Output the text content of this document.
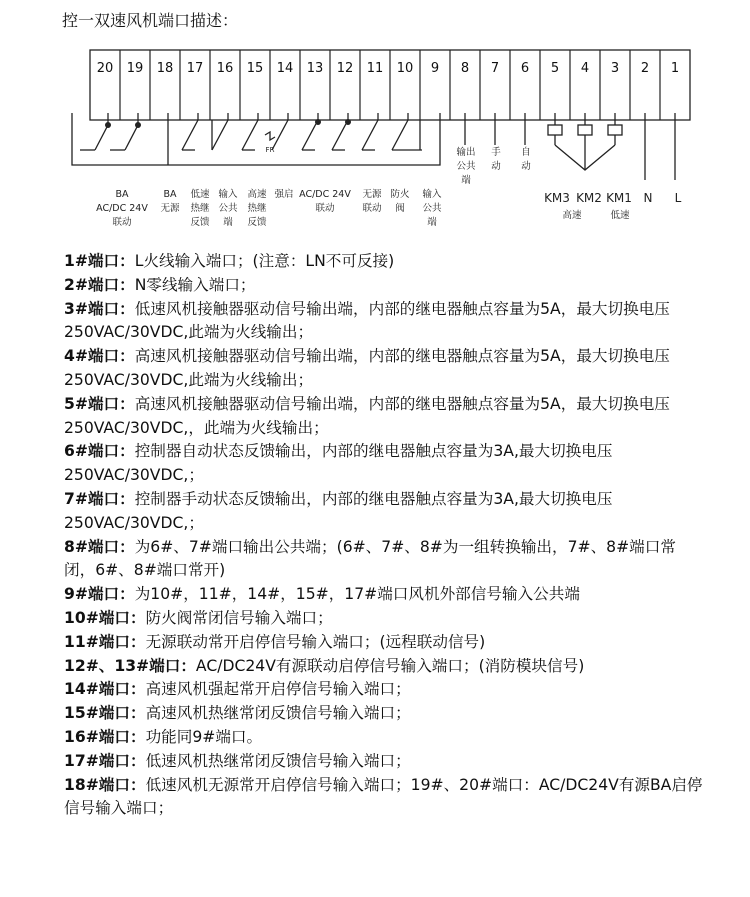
控一双速风机端口描述：
20 19 18 17 16 15 14 13 12 11 10 9 8 7 6 5 4 3 2 1
BA
AC/DC 24V
联动
BA
无源
低速
热继
反馈
输入
公共
端
高速
热继
反馈
强启 AC/DC 24V
联动
无源
联动
防火
阀
输入
公共
端
输出
公共
端
手
动
自
动
KM3 KM2 KM1 N L
高速	低速
FR
1#端口：L火线输入端口；(注意：LN不可反接)
2#端口：N零线输入端口；
3#端口：低速风机接触器驱动信号输出端，内部的继电器触点容量为5A，最大切换电压250VAC/30VDC,此端为火线输出；
4#端口：高速风机接触器驱动信号输出端，内部的继电器触点容量为5A，最大切换电压250VAC/30VDC,此端为火线输出；
5#端口：高速风机接触器驱动信号输出端，内部的继电器触点容量为5A，最大切换电压250VAC/30VDC,，此端为火线输出；
6#端口：控制器自动状态反馈输出，内部的继电器触点容量为3A,最大切换电压250VAC/30VDC,；
7#端口：控制器手动状态反馈输出，内部的继电器触点容量为3A,最大切换电压250VAC/30VDC,；
8#端口：为6#、7#端口输出公共端；(6#、7#、8#为一组转换输出，7#、8#端口常闭，6#、8#端口常开)
9#端口：为10#，11#，14#，15#，17#端口风机外部信号输入公共端
10#端口：防火阀常闭信号输入端口；
11#端口：无源联动常开启停信号输入端口；(远程联动信号)
12#、13#端口：AC/DC24V有源联动启停信号输入端口；(消防模块信号)
14#端口：高速风机强起常开启停信号输入端口；
15#端口：高速风机热继常闭反馈信号输入端口；
16#端口：功能同9#端口。
17#端口：低速风机热继常闭反馈信号输入端口；
18#端口：低速风机无源常开启停信号输入端口；19#、20#端口：AC/DC24V有源BA启停信号输入端口；
